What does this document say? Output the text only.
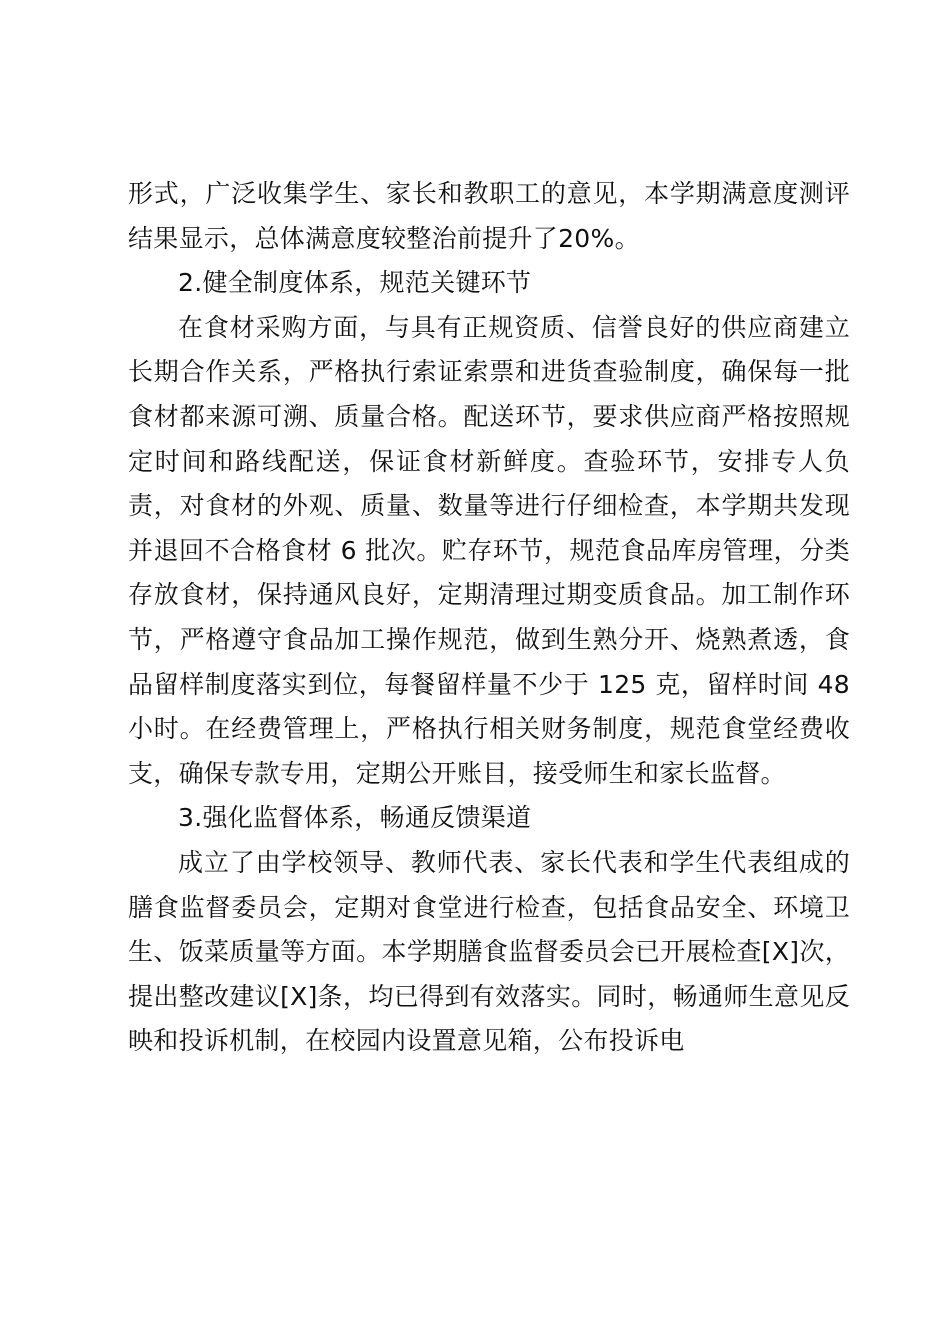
形式，广泛收集学生、家长和教职工的意见，本学期满意度测评结果显示，总体满意度较整治前提升了20%。

2.健全制度体系，规范关键环节

在食材采购方面，与具有正规资质、信誉良好的供应商建立长期合作关系，严格执行索证索票和进货查验制度，确保每一批食材都来源可溯、质量合格。配送环节，要求供应商严格按照规定时间和路线配送，保证食材新鲜度。查验环节，安排专人负责，对食材的外观、质量、数量等进行仔细检查，本学期共发现并退回不合格食材 6 批次。贮存环节，规范食品库房管理，分类存放食材，保持通风良好，定期清理过期变质食品。加工制作环节，严格遵守食品加工操作规范，做到生熟分开、烧熟煮透，食品留样制度落实到位，每餐留样量不少于 125 克，留样时间 48 小时。在经费管理上，严格执行相关财务制度，规范食堂经费收支，确保专款专用，定期公开账目，接受师生和家长监督。

3.强化监督体系，畅通反馈渠道

成立了由学校领导、教师代表、家长代表和学生代表组成的膳食监督委员会，定期对食堂进行检查，包括食品安全、环境卫生、饭菜质量等方面。本学期膳食监督委员会已开展检查[X]次，提出整改建议[X]条，均已得到有效落实。同时，畅通师生意见反映和投诉机制，在校园内设置意见箱，公布投诉电
